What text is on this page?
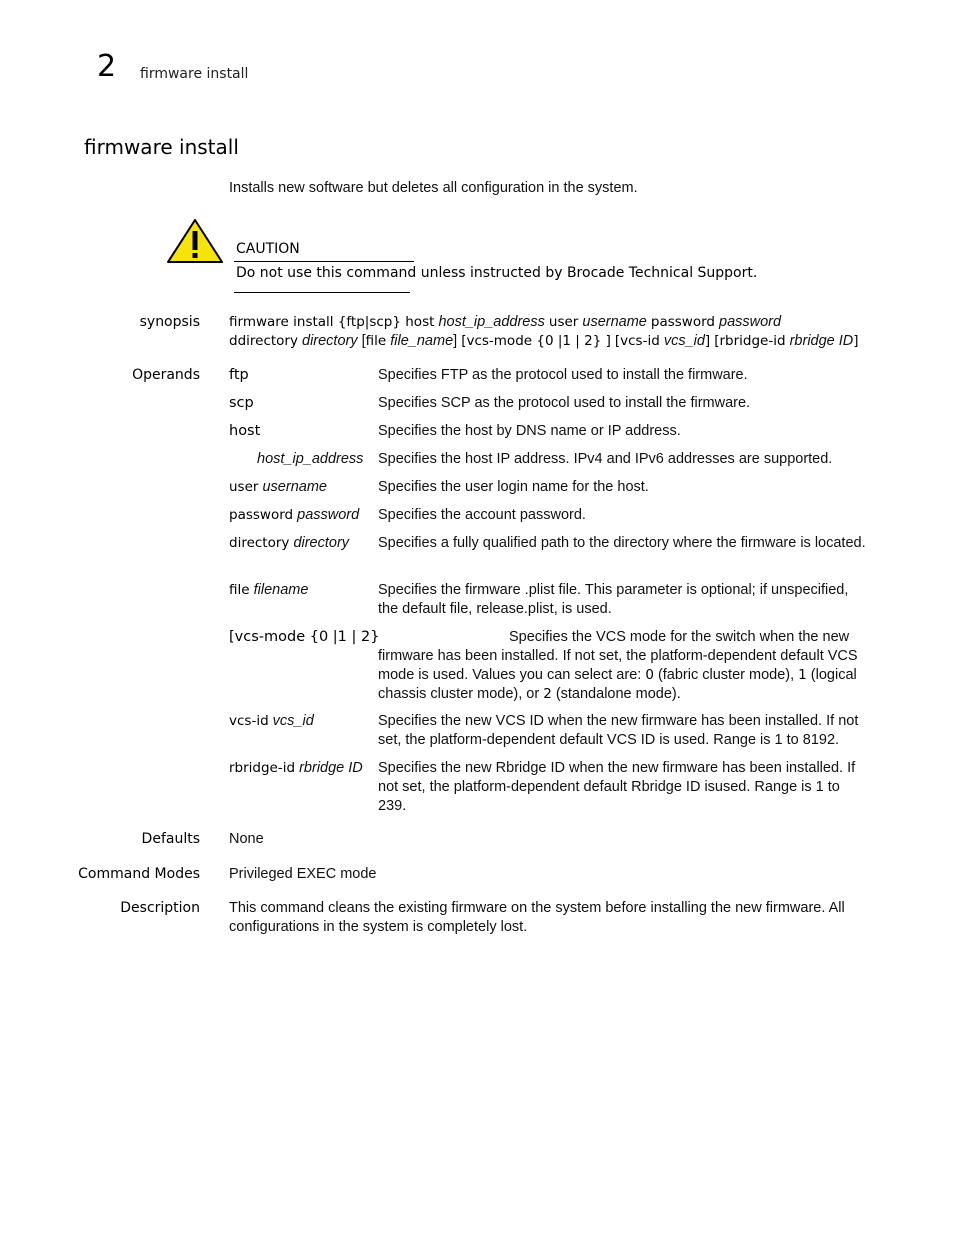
2 firmware install
firmware install
Installs new software but deletes all configuration in the system.
CAUTION
Do not use this command unless instructed by Brocade Technical Support.
synopsis firmware install {ftp|scp} host host_ip_address user username password password
ddirectory directory [file file_name] [vcs-mode {0 |1 | 2} ] [vcs-id vcs_id] [rbridge-id rbridge ID]
Operands ftp	Specifies FTP as the protocol used to install the firmware.
scp	Specifies SCP as the protocol used to install the firmware.
host	Specifies the host by DNS name or IP address.
host_ip_address Specifies the host IP address. IPv4 and IPv6 addresses are supported.
user username	Specifies the user login name for the host.
password password Specifies the account password.
directory directory Specifies a fully qualified path to the directory where the firmware is located.
file filename	Specifies the firmware .plist file. This parameter is optional; if unspecified, the default file, release.plist, is used.
[vcs-mode {0 |1 | 2}	Specifies the VCS mode for the switch when the new firmware has been installed. If not set, the platform-dependent default VCS mode is used. Values you can select are: 0 (fabric cluster mode), 1 (logical chassis cluster mode), or 2 (standalone mode).
vcs-id vcs_id	Specifies the new VCS ID when the new firmware has been installed. If not set, the platform-dependent default VCS ID is used. Range is 1 to 8192.
rbridge-id rbridge ID Specifies the new Rbridge ID when the new firmware has been installed. If not set, the platform-dependent default Rbridge ID isused. Range is 1 to 239.
Defaults None
Command Modes Privileged EXEC mode
Description This command cleans the existing firmware on the system before installing the new firmware. All configurations in the system is completely lost.
